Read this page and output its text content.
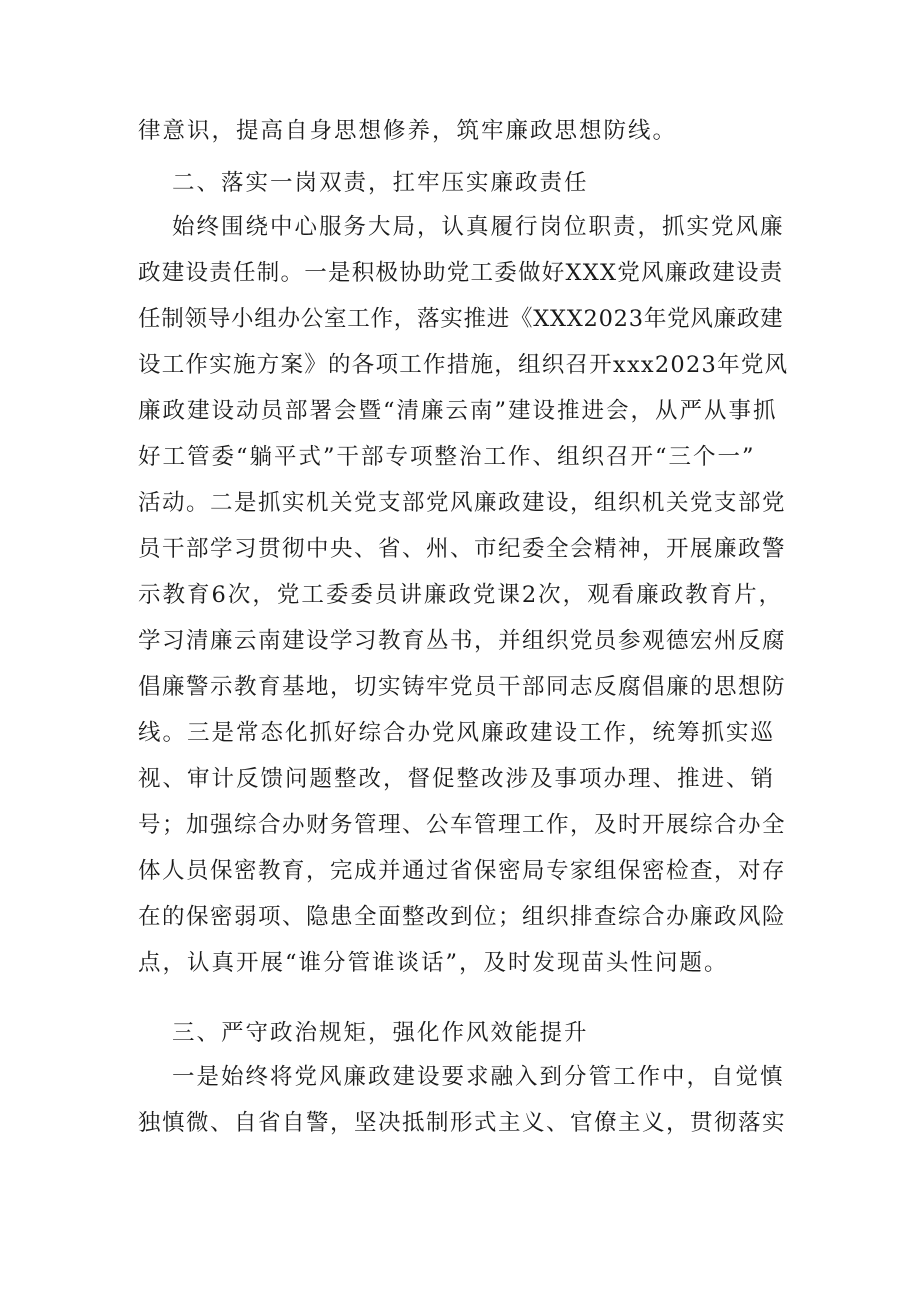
律意识，提高自身思想修养，筑牢廉政思想防线。
二、落实一岗双责，扛牢压实廉政责任
始终围绕中心服务大局，认真履行岗位职责，抓实党风廉
政建设责任制。一是积极协助党工委做好XXX党风廉政建设责
任制领导小组办公室工作，落实推进《XXX2023年党风廉政建
设工作实施方案》的各项工作措施，组织召开xxx2023年党风
廉政建设动员部署会暨“清廉云南”建设推进会，从严从事抓
好工管委“躺平式”干部专项整治工作、组织召开“三个一”
活动。二是抓实机关党支部党风廉政建设，组织机关党支部党
员干部学习贯彻中央、省、州、市纪委全会精神，开展廉政警
示教育6次，党工委委员讲廉政党课2次，观看廉政教育片，
学习清廉云南建设学习教育丛书，并组织党员参观德宏州反腐
倡廉警示教育基地，切实铸牢党员干部同志反腐倡廉的思想防
线。三是常态化抓好综合办党风廉政建设工作，统筹抓实巡
视、审计反馈问题整改，督促整改涉及事项办理、推进、销
号；加强综合办财务管理、公车管理工作，及时开展综合办全
体人员保密教育，完成并通过省保密局专家组保密检查，对存
在的保密弱项、隐患全面整改到位；组织排查综合办廉政风险
点，认真开展“谁分管谁谈话”，及时发现苗头性问题。
三、严守政治规矩，强化作风效能提升
一是始终将党风廉政建设要求融入到分管工作中，自觉慎
独慎微、自省自警，坚决抵制形式主义、官僚主义，贯彻落实
